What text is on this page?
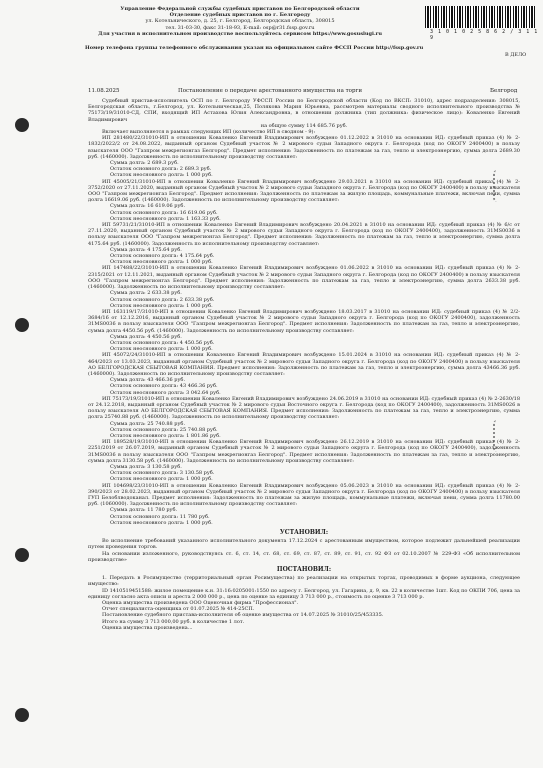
Управление Федеральной службы судебных приставов по Белгородской области
Отделение судебных приставов по г. Белгороду
ул. Котельнического, д. 25, г. Белгород, Белгородская область, 308015
тел. 31-03-30, факс 31-18-93, E-mail: osp@r31.fssp.gov.ru
Для участия в исполнительном производстве воспользуйтесь сервисом https://www.gosuslugi.ru	3 1 0 1 0 2 5 8 6 2 / 3 1 1 9
Номер телефона группы телефонного обслуживания указан на официальном сайте ФССП России http://fssp.gov.ru
В ДЕЛО
11.08.2025	Постановление о передаче арестованного имущества на торги	Белгород

Судебный пристав-исполнитель ОСП по г. Белгороду УФССП России по Белгородской области (Код по ВКСП: 31010), адрес подразделения: 308015, Белгородская область, г.Белгород, ул. Котельническая,25, Полякова Мария Юрьевна, рассмотрев материалы сводного исполнительного производства № 75173/19/31010-СД, СПИ, входящий ИП Астахова Юлия Александровна, в отношении должника (тип должника: физическое лицо): Коваленко Евгений Владимирович

на общую сумму 114 685.76 руб.

Включает выполняется в рамках следующих ИП (количество ИП в сводном - 9):

ИП 281480/22/31010-ИП в отношении Коваленко Евгений Владимирович возбуждено 01.12.2022 в 31010 на основании ИД: судебный приказ (4) № 2-1832/2022/2 от 24.08.2022, выданный органом Судебный участок № 2 мирового судьи Западного округа г. Белгорода (код по ОКОГУ 2400400) в пользу взыскателя ООО "Газпром межрегионгаз Белгород". Предмет исполнения: Задолженность по платежам за газ, тепло и электроэнергию, сумма долга 2689.30 руб. (1460000). Задолженность по исполнительному производству составляет:

Сумма долга: 2 689.3 руб.

Остаток основного долга: 2 689.3 руб.

Остаток неосновного долга: 1 000 руб.

ИП 45005/21/31010-ИП в отношении Коваленко Евгений Владимирович возбуждено 29.03.2021 в 31010 на основании ИД: судебный приказ (4) № 2-3752/2020 от 27.11.2020, выданный органом Судебный участок № 2 мирового судьи Западного округа г. Белгорода (код по ОКОГУ 2400400) в пользу взыскателя ООО "Газпром межрегионгаз Белгород". Предмет исполнения: Задолженность по платежам за жилую площадь, коммунальные платежи, включая пени, сумма долга 16619.06 руб. (1460000). Задолженность по исполнительному производству составляет:

Сумма долга: 16 619.06 руб.

Остаток основного долга: 16 619.06 руб.

Остаток неосновного долга: 1 163.33 руб.

ИП 59731/21/31010-ИП в отношении Коваленко Евгений Владимирович возбуждено 20.04.2021 в 31010 на основании ИД: судебный приказ (4) № 6/с от 27.11.2020, выданный органом Судебный участок № 2 мирового судьи Западного округа г. Белгорода (код по ОКОГУ 2400400), задолженность 31MS0036 в пользу взыскателя ООО "Газпром межрегионгаз Белгород". Предмет исполнения: Задолженность по платежам за газ, тепло и электроэнергию, сумма долга 4175.64 руб. (1460000). Задолженность по исполнительному производству составляет:

Сумма долга: 4 175.64 руб.

Остаток основного долга: 4 175.64 руб.

Остаток неосновного долга: 1 000 руб.

ИП 147488/22/31010-ИП в отношении Коваленко Евгений Владимирович возбуждено 01.06.2022 в 31010 на основании ИД: судебный приказ (4) № 2-2315/2021 от 12.11.2021, выданный органом Судебный участок № 2 мирового судьи Западного округа г. Белгорода (код по ОКОГУ 2400400) в пользу взыскателя ООО "Газпром межрегионгаз Белгород". Предмет исполнения: Задолженность по платежам за газ, тепло и электроэнергию, сумма долга 2633.38 руб. (1460000). Задолженность по исполнительному производству составляет:

Сумма долга: 2 633.38 руб.

Остаток основного долга: 2 633.38 руб.

Остаток неосновного долга: 1 000 руб.

ИП 163119/17/31010-ИП в отношении Коваленко Евгений Владимирович возбуждено 18.03.2017 в 31010 на основании ИД: судебный приказ (4) № 2/2-3684/16 от 12.12.2016, выданный органом Судебный участок № 2 мирового судьи Западного округа г. Белгорода (код по ОКОГУ 2400400), задолженность 31MS0036 в пользу взыскателя ООО "Газпром межрегионгаз Белгород". Предмет исполнения: Задолженность по платежам за газ, тепло и электроэнергию, сумма долга 4450.56 руб. (1460000). Задолженность по исполнительному производству составляет:

Сумма долга: 4 450.56 руб.

Остаток основного долга: 4 450.56 руб.

Остаток неосновного долга: 1 000 руб.

ИП 45072/24/31010-ИП в отношении Коваленко Евгений Владимирович возбуждено 15.01.2024 в 31010 на основании ИД: судебный приказ (4) № 2-464/2023 от 13.03.2023, выданный органом Судебный участок № 2 мирового судьи Западного округа г. Белгорода (код по ОКОГУ 2400400) в пользу взыскателя АО БЕЛГОРОДСКАЯ СБЫТОВАЯ КОМПАНИЯ. Предмет исполнения: Задолженность по платежам за газ, тепло и электроэнергию, сумма долга 43466.36 руб. (1460000). Задолженность по исполнительному производству составляет:

Сумма долга: 43 466.36 руб.

Остаток основного долга: 43 466.36 руб.

Остаток неосновного долга: 3 042.64 руб.

ИП 75173/19/31010-ИП в отношении Коваленко Евгений Владимирович возбуждено 24.06.2019 в 31010 на основании ИД: судебный приказ (4) № 2-2630/18 от 24.12.2018, выданный органом Судебный участок № 2 мирового судьи Восточного округа г. Белгорода (код по ОКОГУ 2400400), задолженность 31MS0026 в пользу взыскателя АО БЕЛГОРОДСКАЯ СБЫТОВАЯ КОМПАНИЯ. Предмет исполнения: Задолженность по платежам за газ, тепло и электроэнергию, сумма долга 25740.88 руб. (1460000). Задолженность по исполнительному производству составляет:

Сумма долга: 25 740.88 руб.

Остаток основного долга: 25 740.88 руб.

Остаток неосновного долга: 1 801.86 руб.

ИП 189528/19/31010-ИП в отношении Коваленко Евгений Владимирович возбуждено 26.12.2019 в 31010 на основании ИД: судебный приказ (4) № 2-2251/2019 от 26.07.2019, выданный органом Судебный участок № 2 мирового судьи Западного округа г. Белгорода (код по ОКОГУ 2400400), задолженность 31MS0036 в пользу взыскателя ООО "Газпром межрегионгаз Белгород". Предмет исполнения: Задолженность по платежам за газ, тепло и электроэнергию, сумма долга 3130.58 руб. (1460000). Задолженность по исполнительному производству составляет:

Сумма долга: 3 130.58 руб.

Остаток основного долга: 3 130.58 руб.

Остаток неосновного долга: 1 000 руб.

ИП 104698/23/31010-ИП в отношении Коваленко Евгений Владимирович возбуждено 05.06.2023 в 31010 на основании ИД: судебный приказ (4) № 2-390/2023 от 28.02.2023, выданный органом Судебный участок № 2 мирового судьи Западного округа г. Белгорода (код по ОКОГУ 2400400) в пользу взыскателя ГУП Белоблводоканал. Предмет исполнения: Задолженность по платежам за жилую площадь, коммунальные платежи, включая пени, сумма долга 11780.00 руб. (1060000). Задолженность по исполнительному производству составляет:

Сумма долга: 11 780 руб.

Остаток основного долга: 11 780 руб.

Остаток неосновного долга: 1 000 руб.

УСТАНОВИЛ:

Во исполнение требований указанного исполнительного документа 17.12.2024 с арестованным имуществом, которое подлежит дальнейшей реализации путем проведения торгов.

На основании изложенного, руководствуясь ст. 6, ст. 14, ст. 68, ст. 69, ст. 87, ст. 89, ст. 91, ст. 92 ФЗ от 02.10.2007 № 229-ФЗ «Об исполнительном производстве»

ПОСТАНОВИЛ:

1. Передать в Росимущество (территориальный орган Росимущества) по реализации на открытых торгах, проводимых в форме аукциона, следующее имущество:

ID 1410519451588: жилое помещение к.н. 31:16:0205001:1550 по адресу г. Белгород, ул. Гагарина, д. 9, кв. 22 в количестве 1шт. Код по ОКПИ 706, цена за единицу согласно акта описи и ареста 2 000 000 р., цена по оценке за единицу 3 713 000 р., стоимость по оценке 3 713 000 р.

Оценка имущества произведена ООО Оценочная фирма "Профессионал".

Отчет специалиста-оценщика от 01.07.2025 № 414-25СП.

Постановление судебного пристава-исполнителя об оценке имущества от 14.07.2025 № 31010/25/453335.

Итого на сумму 3 713 000,00 руб. в количестве 1 лот.

Оценка имущества произведена...
